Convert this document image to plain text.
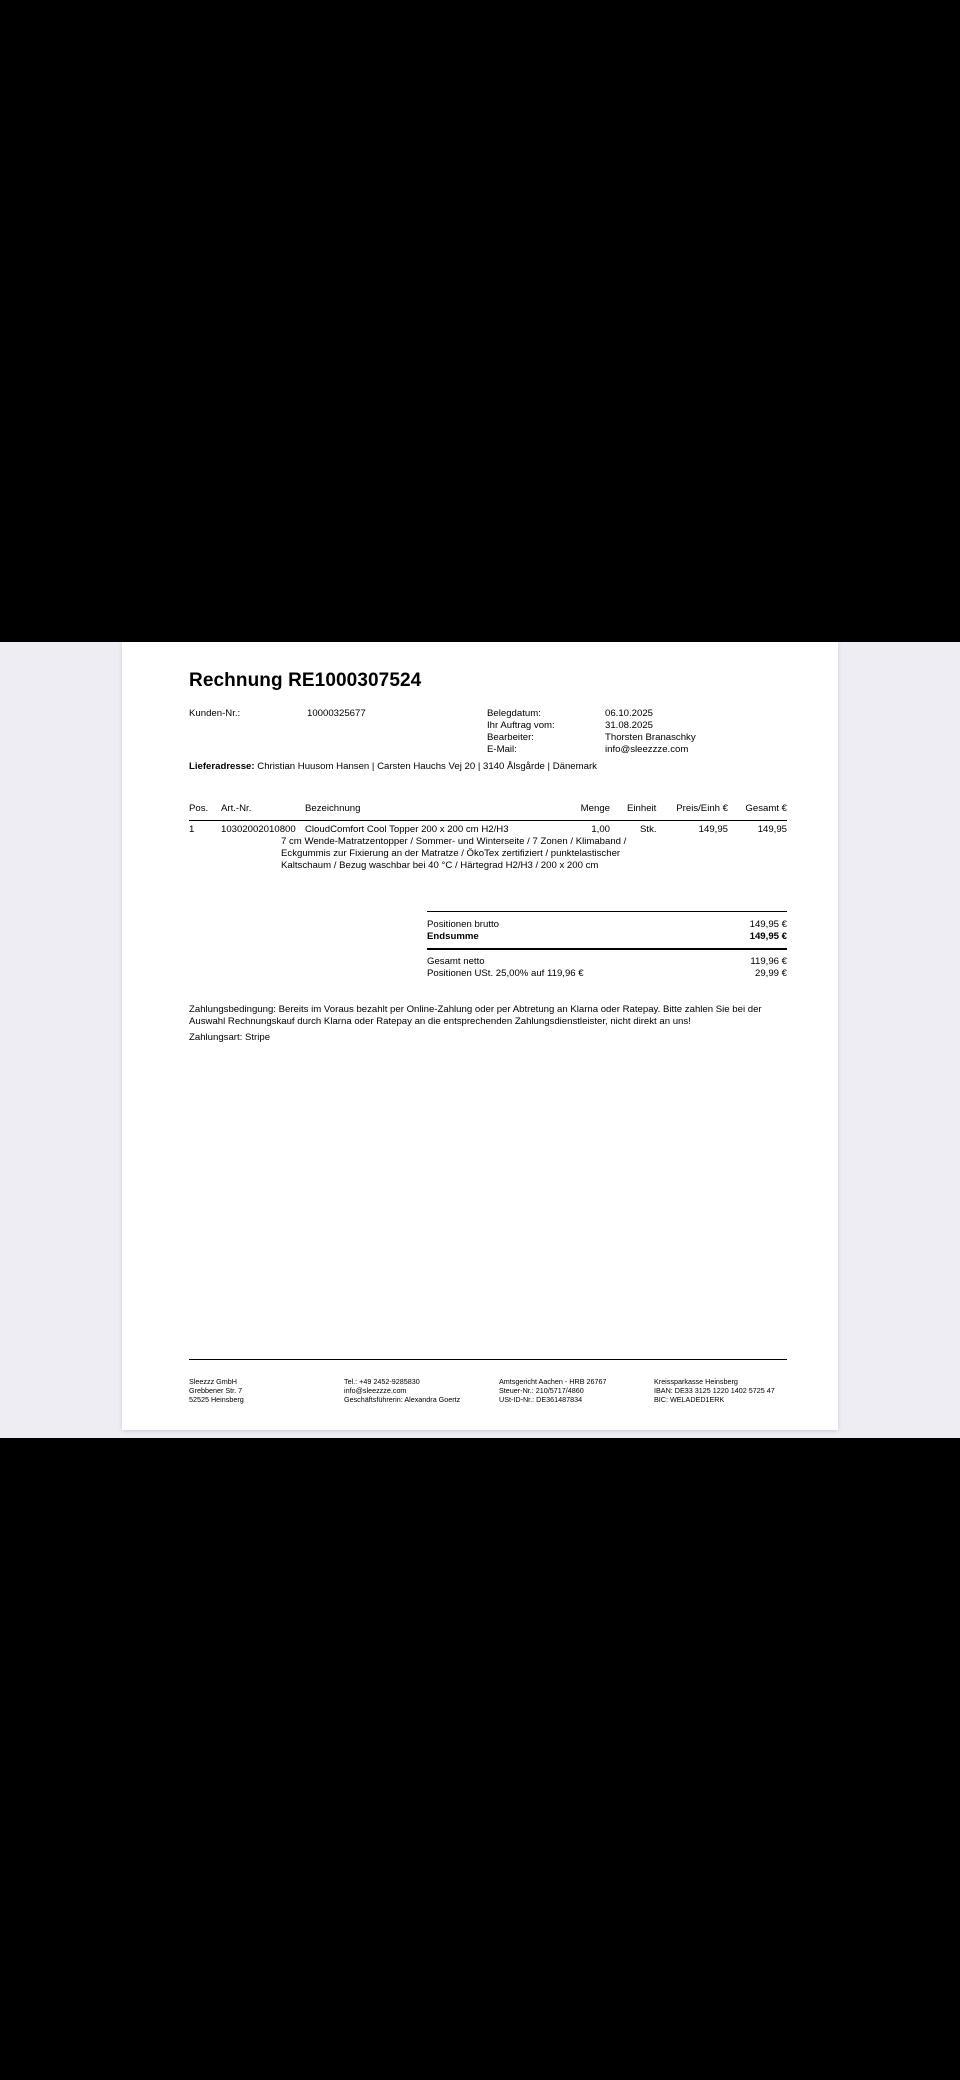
Rechnung RE1000307524
Kunden-Nr.:	10000325677	Belegdatum:	06.10.2025
Ihr Auftrag vom:	31.08.2025
Bearbeiter:	Thorsten Branaschky
E-Mail:	info@sleezzze.com
Lieferadresse: Christian Huusom Hansen | Carsten Hauchs Vej 20 | 3140 Ålsgårde | Dänemark
Pos. Art.-Nr.	Bezeichnung	Menge Einheit	Preis/Einh €	Gesamt €
1	10302002010800 CloudComfort Cool Topper 200 x 200 cm H2/H3	1,00	Stk.	149,95	149,95
7 cm Wende-Matratzentopper / Sommer- und Winterseite / 7 Zonen / Klimaband /
Eckgummis zur Fixierung an der Matratze / ÖkoTex zertifiziert / punktelastischer
Kaltschaum / Bezug waschbar bei 40 °C / Härtegrad H2/H3 / 200 x 200 cm
Positionen brutto	149,95 €
Endsumme	149,95 €
Gesamt netto	119,96 €
Positionen USt. 25,00% auf 119,96 €	29,99 €
Zahlungsbedingung: Bereits im Voraus bezahlt per Online-Zahlung oder per Abtretung an Klarna oder Ratepay. Bitte zahlen Sie bei der
Auswahl Rechnungskauf durch Klarna oder Ratepay an die entsprechenden Zahlungsdienstleister, nicht direkt an uns!
Zahlungsart: Stripe
Sleezzz GmbH
Grebbener Str. 7
52525 Heinsberg
Tel.: +49 2452-9285830
info@sleezzze.com
Geschäftsführerin: Alexandra Goertz
Amtsgericht Aachen - HRB 26767
Steuer-Nr.: 210/5717/4860
USt-ID-Nr.: DE361487834
Kreissparkasse Heinsberg
IBAN: DE33 3125 1220 1402 5725 47
BIC: WELADED1ERK
